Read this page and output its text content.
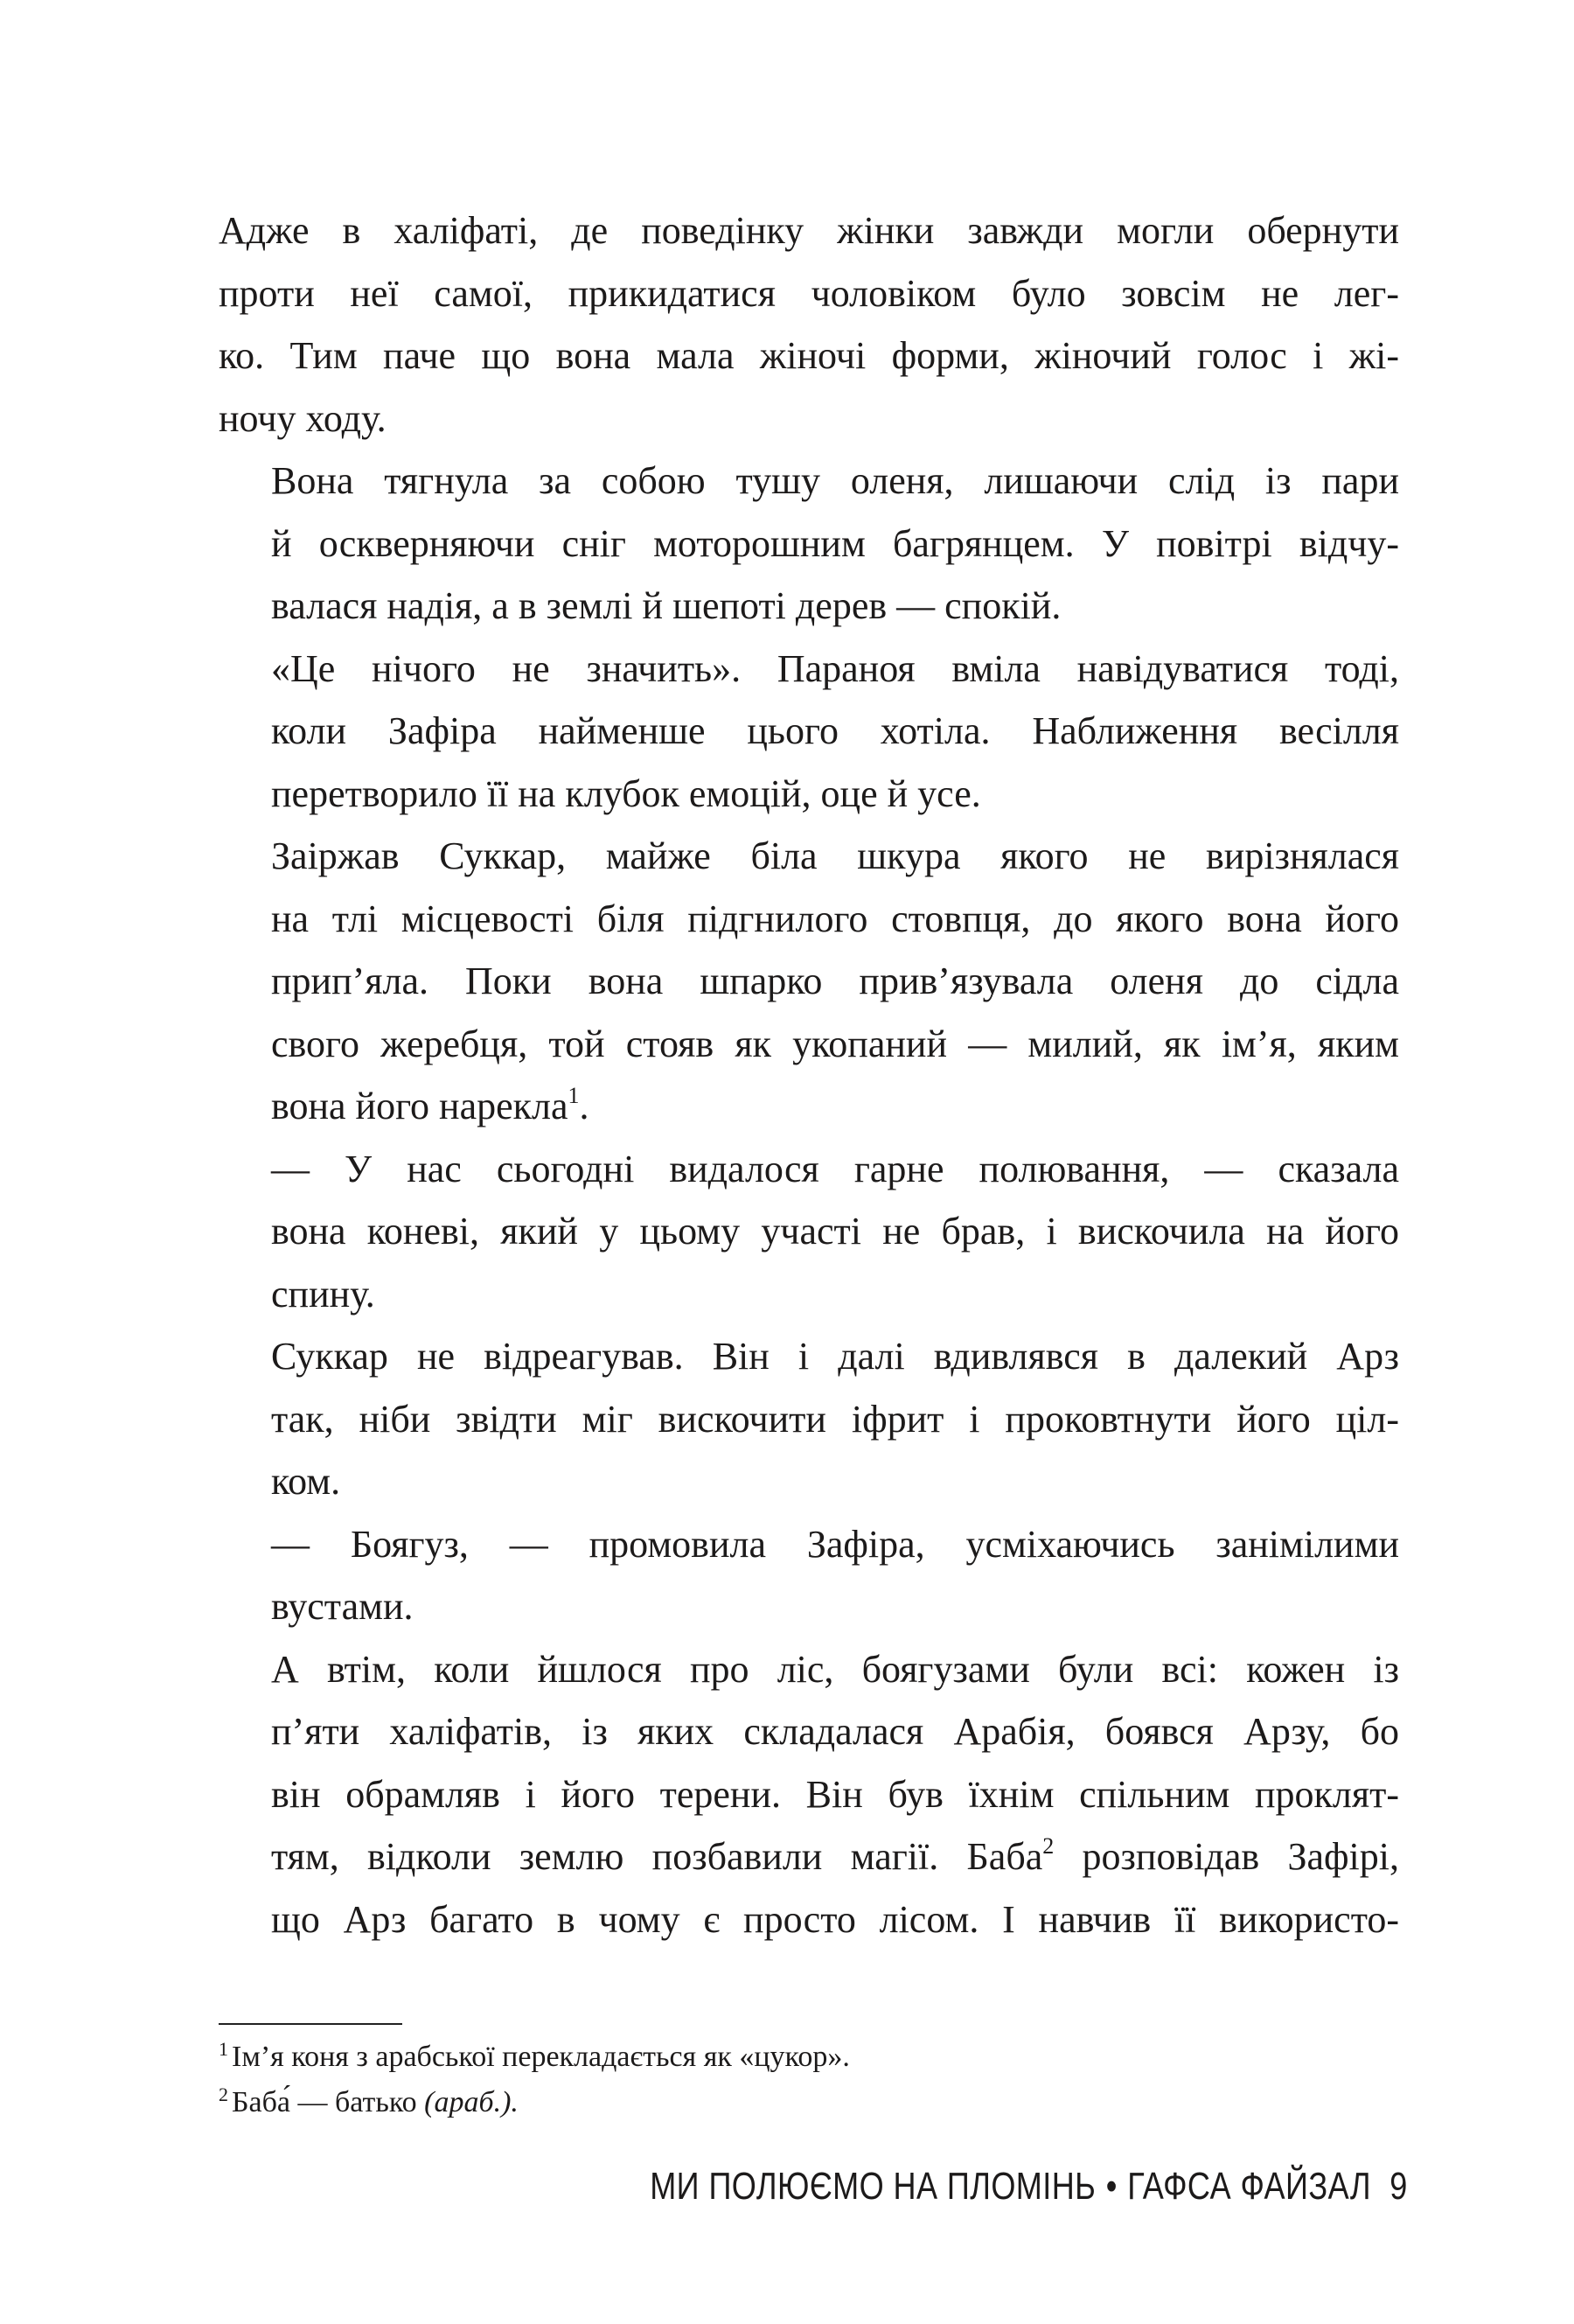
Адже в халіфаті, де поведінку жінки завжди могли обернути
проти неї самої, прикидатися чоловіком було зовсім не лег-
ко. Тим паче що вона мала жіночі форми, жіночий голос і жі-
ночу ходу.

Вона тягнула за собою тушу оленя, лишаючи слід із пари
й оскверняючи сніг моторошним багрянцем. У повітрі відчу-
валася надія, а в землі й шепоті дерев — спокій.

«Це нічого не значить». Параноя вміла навідуватися тоді,
коли Зафіра найменше цього хотіла. Наближення весілля
перетворило її на клубок емоцій, оце й усе.

Заіржав Суккар, майже біла шкура якого не вирізнялася
на тлі місцевості біля підгнилого стовпця, до якого вона його
прип’яла. Поки вона шпарко прив’язувала оленя до сідла
свого жеребця, той стояв як укопаний — милий, як ім’я, яким
вона його нарекла$^1$.

— У нас сьогодні видалося гарне полювання, — сказала
вона коневі, який у цьому участі не брав, і вискочила на його
спину.

Суккар не відреагував. Він і далі вдивлявся в далекий Арз
так, ніби звідти міг вискочити іфрит і проковтнути його ціл-
ком.

— Боягуз, — промовила Зафіра, усміхаючись занімілими
вустами.

А втім, коли йшлося про ліс, боягузами були всі: кожен із
п’яти халіфатів, із яких складалася Арабія, боявся Арзу, бо
він обрамляв і його терени. Він був їхнім спільним проклят-
тям, відколи землю позбавили магії. Баба$^2$ розповідав Зафірі,
що Арз багато в чому є просто лісом. І навчив її використо-

$^1$ Ім’я коня з арабської перекладається як «цукор».

$^2$ Баба́ — батько (араб.).

МИ ПОЛЮЄМО НА ПЛОМІНЬ • ГАФСА ФАЙЗАЛ 9
